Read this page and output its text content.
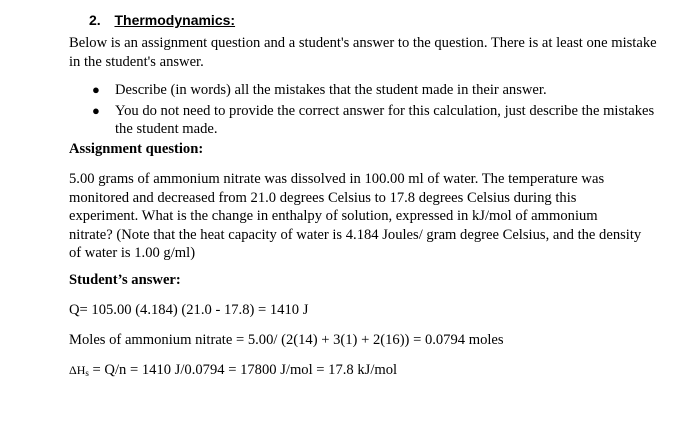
2. Thermodynamics:
Below is an assignment question and a student's answer to the question. There is at least one mistake in the student's answer.
● Describe (in words) all the mistakes that the student made in their answer.
● You do not need to provide the correct answer for this calculation, just describe the mistakes the student made.
Assignment question:
5.00 grams of ammonium nitrate was dissolved in 100.00 ml of water. The temperature was monitored and decreased from 21.0 degrees Celsius to 17.8 degrees Celsius during this experiment. What is the change in enthalpy of solution, expressed in kJ/mol of ammonium nitrate? (Note that the heat capacity of water is 4.184 Joules/ gram degree Celsius, and the density of water is 1.00 g/ml)
Student’s answer:
Q= 105.00 (4.184) (21.0 - 17.8) = 1410 J
Moles of ammonium nitrate = 5.00/ (2(14) + 3(1) + 2(16)) = 0.0794 moles
$\Delta H_s = Q/n = 1410$ J/0.0794 = 17800 J/mol = 17.8 kJ/mol
